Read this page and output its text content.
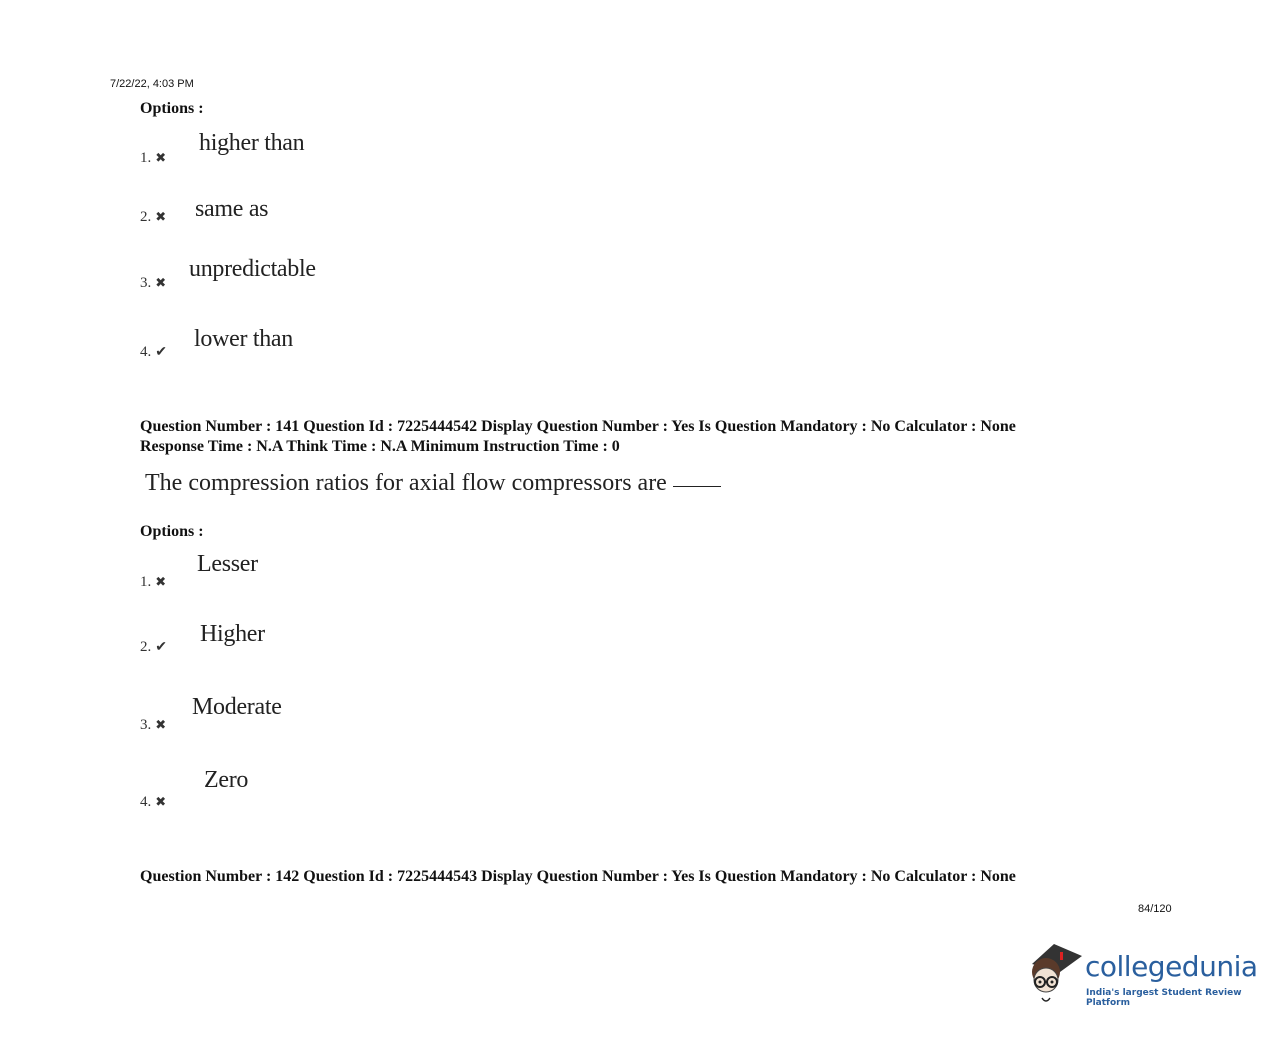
7/22/22, 4:03 PM
Options :
1. ✖
higher than
2. ✖ same as
3. ✖
unpredictable
4. ✔
lower than
Question Number : 141 Question Id : 7225444542 Display Question Number : Yes Is Question Mandatory : No Calculator : None
Response Time : N.A Think Time : N.A Minimum Instruction Time : 0
The compression ratios for axial flow compressors are
Options :
1. ✖
Lesser
2. ✔
Higher
3. ✖
Moderate
4. ✖
Zero
Question Number : 142 Question Id : 7225444543 Display Question Number : Yes Is Question Mandatory : No Calculator : None
84/120
collegedunia
India's largest Student Review Platform
